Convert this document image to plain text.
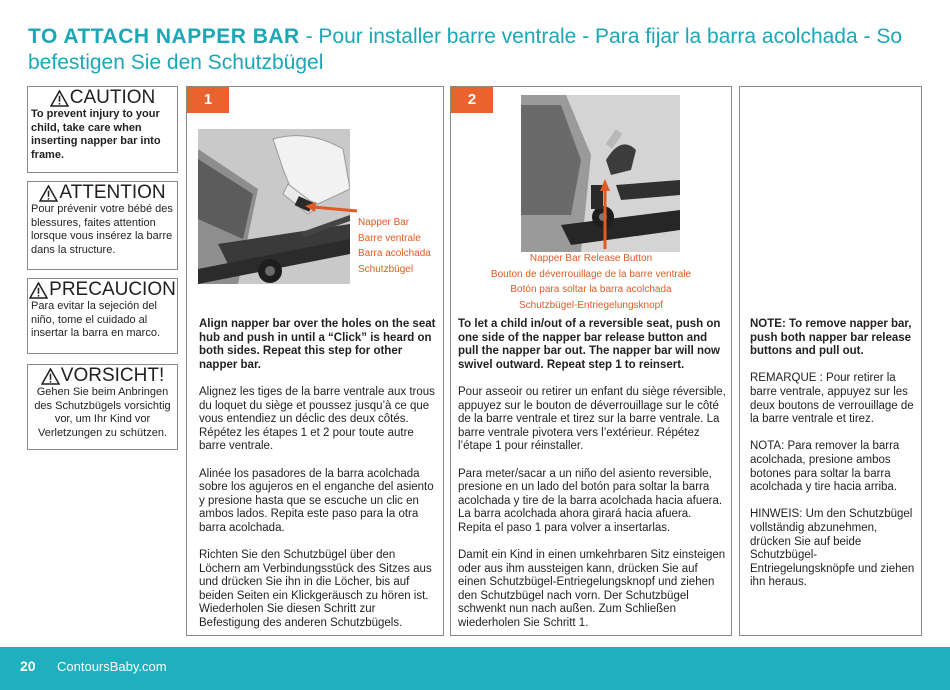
TO ATTACH NAPPER BAR - Pour installer barre ventrale - Para fijar la barra acolchada - So befestigen Sie den Schutzbügel
CAUTION
To prevent injury to your child, take care when inserting napper bar into frame.
ATTENTION
Pour prévenir votre bébé des blessures, faites attention lorsque vous insérez la barre dans la structure.
PRECAUCION
Para evitar la sejeción del niño, tome el cuidado al insertar la barra en marco.
VORSICHT!
Gehen Sie beim Anbringen des Schutzbügels vorsichtig vor, um Ihr Kind vor Verletzungen zu schützen.
1
Napper Bar
Barre ventrale
Barra acolchada
Schutzbügel

Align napper bar over the holes on the seat hub and push in until a “Click” is heard on both sides. Repeat this step for other napper bar.

Alignez les tiges de la barre ventrale aux trous du loquet du siège et poussez jusqu’à ce que vous entendiez un déclic des deux côtés. Répétez les étapes 1 et 2 pour toute autre barre ventrale.

Alinée los pasadores de la barra acolchada sobre los agujeros en el enganche del asiento y presione hasta que se escuche un clic en ambos lados. Repita este paso para la otra barra acolchada.

Richten Sie den Schutzbügel über den Löchern am Verbindungsstück des Sitzes aus und drücken Sie ihn in die Löcher, bis auf beiden Seiten ein Klickgeräusch zu hören ist. Wiederholen Sie diesen Schritt zur Befestigung des anderen Schutzbügels.

2
Napper Bar Release Button
Bouton de déverrouillage de la barre ventrale
Botón para soltar la barra acolchada
Schutzbügel-Entriegelungsknopf

To let a child in/out of a reversible seat, push on one side of the napper bar release button and pull the napper bar out. The napper bar will now swivel outward. Repeat step 1 to reinsert.

Pour asseoir ou retirer un enfant du siège réversible, appuyez sur le bouton de déverrouillage sur le côté de la barre ventrale et tirez sur la barre ventrale. La barre ventrale pivotera vers l’extérieur. Répétez l’étape 1 pour réinstaller.

Para meter/sacar a un niño del asiento reversible, presione en un lado del botón para soltar la barra acolchada y tire de la barra acolchada hacia afuera. La barra acolchada ahora girará hacia afuera. Repita el paso 1 para volver a insertarlas.

Damit ein Kind in einen umkehrbaren Sitz einsteigen oder aus ihm aussteigen kann, drücken Sie auf einen Schutzbügel-Entriegelungsknopf und ziehen den Schutzbügel nach vorn. Der Schutzbügel schwenkt nun nach außen. Zum Schließen wiederholen Sie Schritt 1.

NOTE: To remove napper bar, push both napper bar release buttons and pull out.

REMARQUE : Pour retirer la barre ventrale, appuyez sur les deux boutons de verrouillage de la barre ventrale et tirez.

NOTA: Para remover la barra acolchada, presione ambos botones para soltar la barra acolchada y tire hacia arriba.

HINWEIS: Um den Schutzbügel vollständig abzunehmen, drücken Sie auf beide Schutzbügel-Entriegelungsknöpfe und ziehen ihn heraus.

20 ContoursBaby.com
